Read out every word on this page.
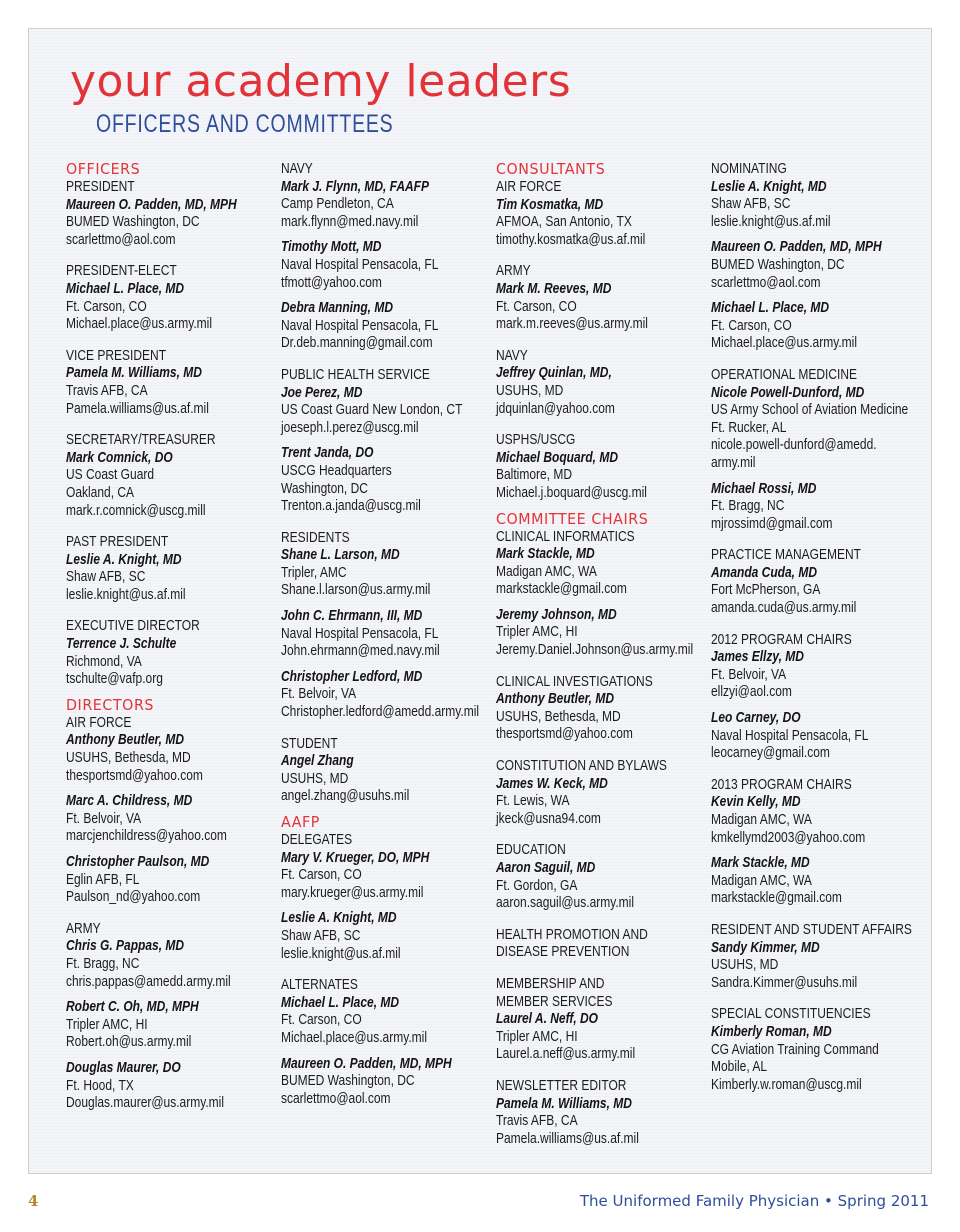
your academy leaders
OFFICERS AND COMMITTEES
OFFICERS
PRESIDENT
Maureen O. Padden, MD, MPH
BUMED Washington, DC
scarlettmo@aol.com
PRESIDENT-ELECT
Michael L. Place, MD
Ft. Carson, CO
Michael.place@us.army.mil
VICE PRESIDENT
Pamela M. Williams, MD
Travis AFB, CA
Pamela.williams@us.af.mil
SECRETARY/TREASURER
Mark Comnick, DO
US Coast Guard
Oakland, CA
mark.r.comnick@uscg.mill
PAST PRESIDENT
Leslie A. Knight, MD
Shaw AFB, SC
leslie.knight@us.af.mil
EXECUTIVE DIRECTOR
Terrence J. Schulte
Richmond, VA
tschulte@vafp.org
DIRECTORS
AIR FORCE
Anthony Beutler, MD
USUHS, Bethesda, MD
thesportsmd@yahoo.com
Marc A. Childress, MD
Ft. Belvoir, VA
marcjenchildress@yahoo.com
Christopher Paulson, MD
Eglin AFB, FL
Paulson_nd@yahoo.com
ARMY
Chris G. Pappas, MD
Ft. Bragg, NC
chris.pappas@amedd.army.mil
Robert C. Oh, MD, MPH
Tripler AMC, HI
Robert.oh@us.army.mil
Douglas Maurer, DO
Ft. Hood, TX
Douglas.maurer@us.army.mil
NAVY
Mark J. Flynn, MD, FAAFP
Camp Pendleton, CA
mark.flynn@med.navy.mil
Timothy Mott, MD
Naval Hospital Pensacola, FL
tfmott@yahoo.com
Debra Manning, MD
Naval Hospital Pensacola, FL
Dr.deb.manning@gmail.com
PUBLIC HEALTH SERVICE
Joe Perez, MD
US Coast Guard New London, CT
joeseph.l.perez@uscg.mil
Trent Janda, DO
USCG Headquarters
Washington, DC
Trenton.a.janda@uscg.mil
RESIDENTS
Shane L. Larson, MD
Tripler, AMC
Shane.l.larson@us.army.mil
John C. Ehrmann, III, MD
Naval Hospital Pensacola, FL
John.ehrmann@med.navy.mil
Christopher Ledford, MD
Ft. Belvoir, VA
Christopher.ledford@amedd.army.mil
STUDENT
Angel Zhang
USUHS, MD
angel.zhang@usuhs.mil
AAFP
DELEGATES
Mary V. Krueger, DO, MPH
Ft. Carson, CO
mary.krueger@us.army.mil
Leslie A. Knight, MD
Shaw AFB, SC
leslie.knight@us.af.mil
ALTERNATES
Michael L. Place, MD
Ft. Carson, CO
Michael.place@us.army.mil
Maureen O. Padden, MD, MPH
BUMED Washington, DC
scarlettmo@aol.com
CONSULTANTS
AIR FORCE
Tim Kosmatka, MD
AFMOA, San Antonio, TX
timothy.kosmatka@us.af.mil
ARMY
Mark M. Reeves, MD
Ft. Carson, CO
mark.m.reeves@us.army.mil
NAVY
Jeffrey Quinlan, MD,
USUHS, MD
jdquinlan@yahoo.com
USPHS/USCG
Michael Boquard, MD
Baltimore, MD
Michael.j.boquard@uscg.mil
COMMITTEE CHAIRS
CLINICAL INFORMATICS
Mark Stackle, MD
Madigan AMC, WA
markstackle@gmail.com
Jeremy Johnson, MD
Tripler AMC, HI
Jeremy.Daniel.Johnson@us.army.mil
CLINICAL INVESTIGATIONS
Anthony Beutler, MD
USUHS, Bethesda, MD
thesportsmd@yahoo.com
CONSTITUTION AND BYLAWS
James W. Keck, MD
Ft. Lewis, WA
jkeck@usna94.com
EDUCATION
Aaron Saguil, MD
Ft. Gordon, GA
aaron.saguil@us.army.mil
HEALTH PROMOTION AND
DISEASE PREVENTION
MEMBERSHIP AND
MEMBER SERVICES
Laurel A. Neff, DO
Tripler AMC, HI
Laurel.a.neff@us.army.mil
NEWSLETTER EDITOR
Pamela M. Williams, MD
Travis AFB, CA
Pamela.williams@us.af.mil
NOMINATING
Leslie A. Knight, MD
Shaw AFB, SC
leslie.knight@us.af.mil
Maureen O. Padden, MD, MPH
BUMED Washington, DC
scarlettmo@aol.com
Michael L. Place, MD
Ft. Carson, CO
Michael.place@us.army.mil
OPERATIONAL MEDICINE
Nicole Powell-Dunford, MD
US Army School of Aviation Medicine
Ft. Rucker, AL
nicole.powell-dunford@amedd.
army.mil
Michael Rossi, MD
Ft. Bragg, NC
mjrossimd@gmail.com
PRACTICE MANAGEMENT
Amanda Cuda, MD
Fort McPherson, GA
amanda.cuda@us.army.mil
2012 PROGRAM CHAIRS
James Ellzy, MD
Ft. Belvoir, VA
ellzyi@aol.com
Leo Carney, DO
Naval Hospital Pensacola, FL
leocarney@gmail.com
2013 PROGRAM CHAIRS
Kevin Kelly, MD
Madigan AMC, WA
kmkellymd2003@yahoo.com
Mark Stackle, MD
Madigan AMC, WA
markstackle@gmail.com
RESIDENT AND STUDENT AFFAIRS
Sandy Kimmer, MD
USUHS, MD
Sandra.Kimmer@usuhs.mil
SPECIAL CONSTITUENCIES
Kimberly Roman, MD
CG Aviation Training Command
Mobile, AL
Kimberly.w.roman@uscg.mil
4	The Uniformed Family Physician • Spring 2011
